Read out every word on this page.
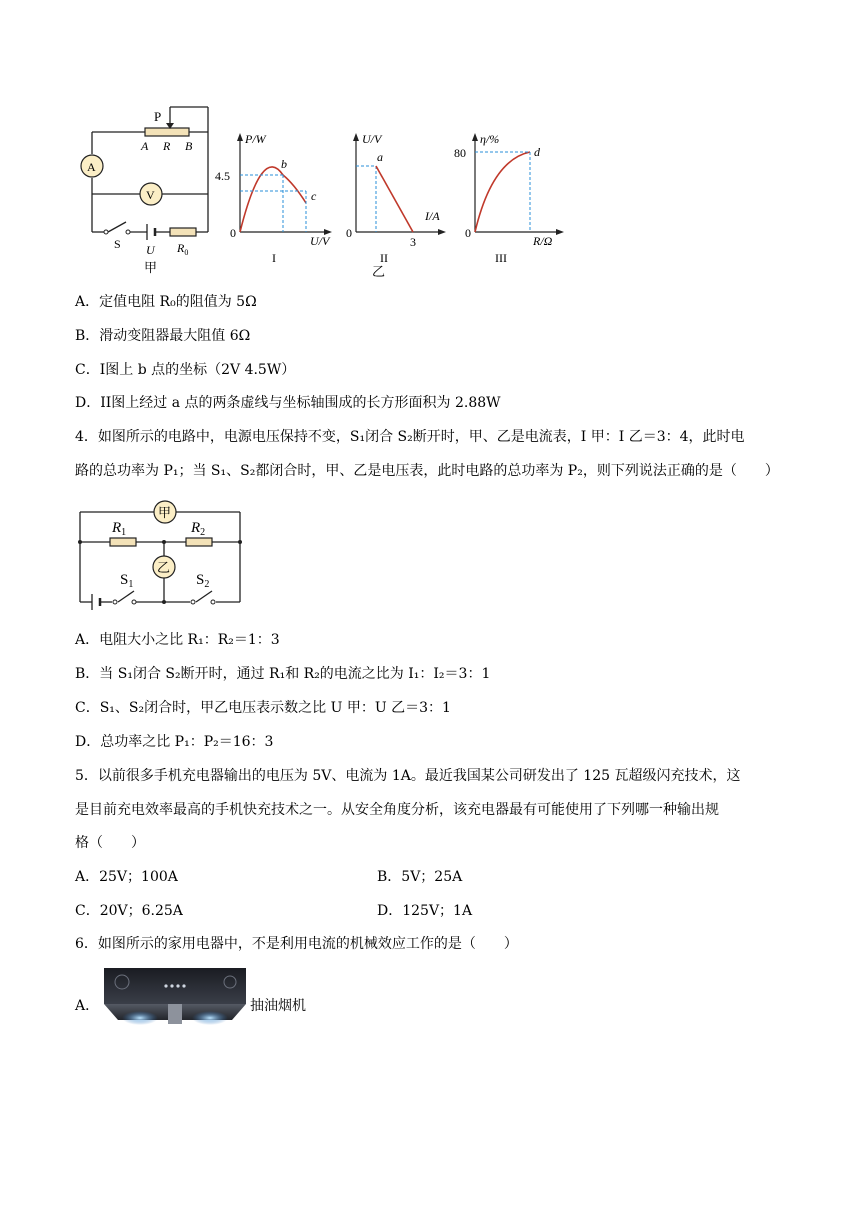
P
A R B
A
V
S U $R_0$
甲
P/W
4.5
0
b
c
U/V
I
U/V
a
0
I/A
3
II
乙
η/%
80	d
0
R/Ω
III
A．定值电阻 R₀的阻值为 5Ω
B．滑动变阻器最大阻值 6Ω
C．I图上 b 点的坐标（2V 4.5W）
D．II图上经过 a 点的两条虚线与坐标轴围成的长方形面积为 2.88W
4．如图所示的电路中，电源电压保持不变，S₁闭合 S₂断开时，甲、乙是电流表，I 甲：I 乙＝3：4，此时电
路的总功率为 P₁；当 S₁、S₂都闭合时，甲、乙是电压表，此时电路的总功率为 P₂，则下列说法正确的是（　　）
甲
乙
$R_1$	$R_2$
$S_1$	$S_2$
A．电阻大小之比 R₁：R₂＝1：3
B．当 S₁闭合 S₂断开时，通过 R₁和 R₂的电流之比为 I₁：I₂＝3：1
C．S₁、S₂闭合时，甲乙电压表示数之比 U 甲：U 乙＝3：1
D．总功率之比 P₁：P₂＝16：3
5．以前很多手机充电器输出的电压为 5V、电流为 1A。最近我国某公司研发出了 125 瓦超级闪充技术，这
是目前充电效率最高的手机快充技术之一。从安全角度分析，该充电器最有可能使用了下列哪一种输出规
格（　　）
A．25V；100A	B．5V；25A
C．20V；6.25A	D．125V；1A
6．如图所示的家用电器中，不是利用电流的机械效应工作的是（　　）
A．	抽油烟机
